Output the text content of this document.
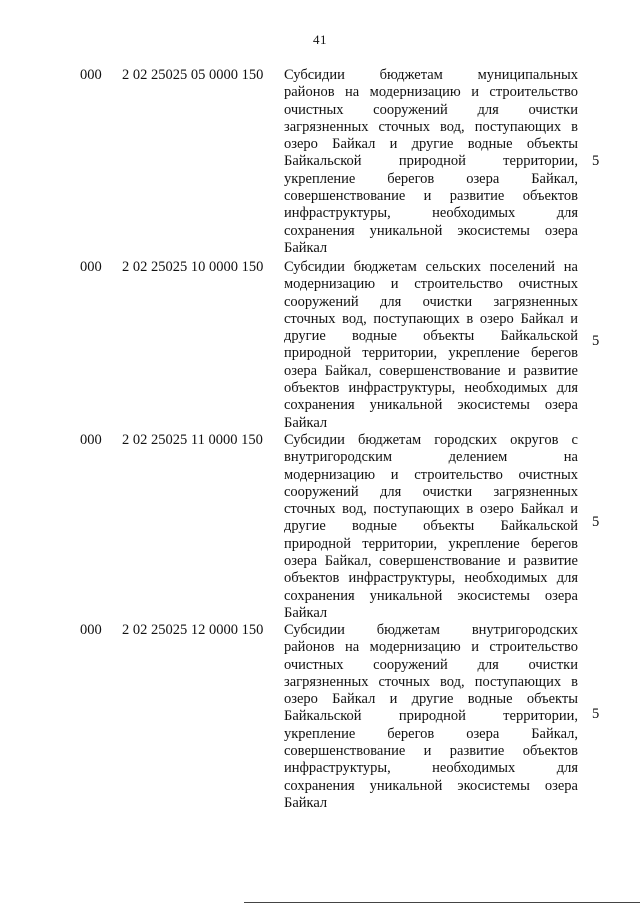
41
000 2 02 25025 05 0000 150 Субсидии бюджетам муниципальных
районов на модернизацию и строительство
очистных сооружений для очистки
загрязненных сточных вод, поступающих в
озеро Байкал и другие водные объекты
Байкальской природной территории,
укрепление берегов озера Байкал,
совершенствование и развитие объектов
инфраструктуры, необходимых для
сохранения уникальной экосистемы озера
Байкал
5
000 2 02 25025 10 0000 150 Субсидии бюджетам сельских поселений на
модернизацию и строительство очистных
сооружений для очистки загрязненных
сточных вод, поступающих в озеро Байкал и
другие водные объекты Байкальской
природной территории, укрепление берегов
озера Байкал, совершенствование и развитие
объектов инфраструктуры, необходимых для
сохранения уникальной экосистемы озера
Байкал
5
000 2 02 25025 11 0000 150 Субсидии бюджетам городских округов с
внутригородским делением на
модернизацию и строительство очистных
сооружений для очистки загрязненных
сточных вод, поступающих в озеро Байкал и
другие водные объекты Байкальской
природной территории, укрепление берегов
озера Байкал, совершенствование и развитие
объектов инфраструктуры, необходимых для
сохранения уникальной экосистемы озера
Байкал
5
000 2 02 25025 12 0000 150 Субсидии бюджетам внутригородских
районов на модернизацию и строительство
очистных сооружений для очистки
загрязненных сточных вод, поступающих в
озеро Байкал и другие водные объекты
Байкальской природной территории,
укрепление берегов озера Байкал,
совершенствование и развитие объектов
инфраструктуры, необходимых для
сохранения уникальной экосистемы озера
Байкал
5
